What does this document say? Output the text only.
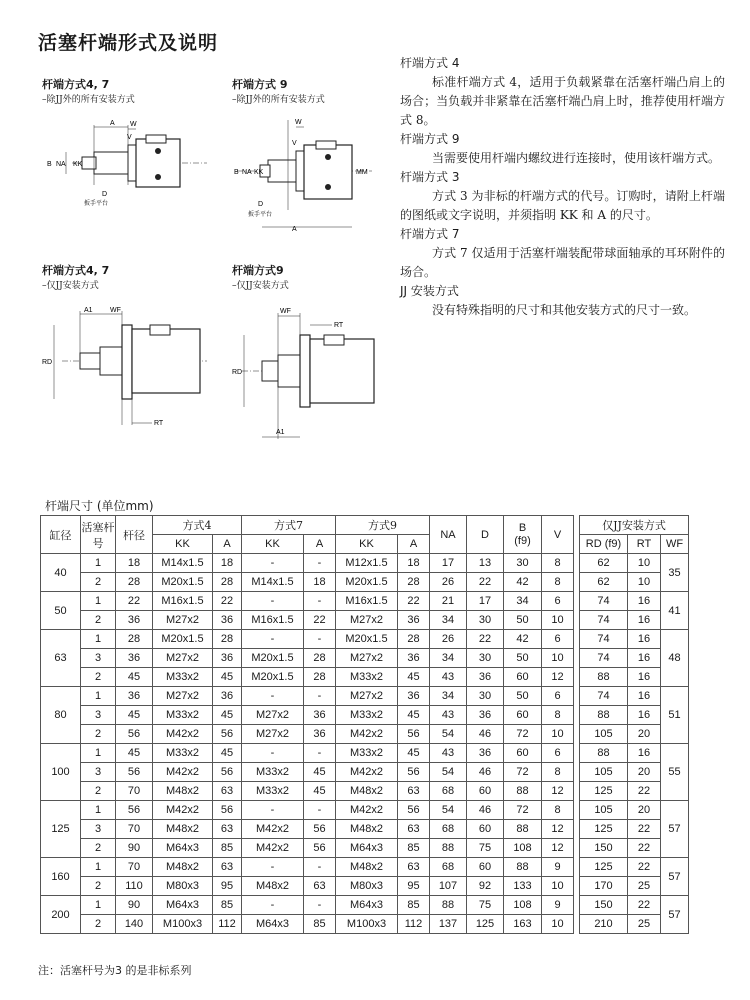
活塞杆端形式及说明
杆端方式4, 7
–除JJ外的所有安装方式
A W
V
B NA KK
D
扳手平台
杆端方式 9
–除JJ外的所有安装方式
W
V
B NA KK	MM
D
扳手平台
A
杆端方式4, 7
–仅JJ安装方式
A1 WF
RD
RT
杆端方式9
–仅JJ安装方式
WF
RT
RD
A1
杆端方式 4
标准杆端方式 4，适用于负载紧靠在活塞杆端凸肩上的场合；当负载并非紧靠在活塞杆端凸肩上时，推荐使用杆端方式 8。
杆端方式 9
当需要使用杆端内螺纹进行连接时，使用该杆端方式。
杆端方式 3
方式 3 为非标的杆端方式的代号。订购时，请附上杆端的图纸或文字说明，并须指明 KK 和 A 的尺寸。
杆端方式 7
方式 7 仅适用于活塞杆端装配带球面轴承的耳环附件的场合。
JJ 安装方式
没有特殊指明的尺寸和其他安装方式的尺寸一致。
杆端尺寸 (单位mm)
缸径	活塞杆号	杆径	方式4		方式7		方式9		NA	D	B
(f9)	V		仅JJ安装方式		
			KK	A	KK	A	KK	A						RD (f9)	RT	WF
40	1	18	M14x1.5	18	-	-	M12x1.5	18	17	13	30	8		62	10	35
	2	28	M20x1.5	28	M14x1.5	18	M20x1.5	28	26	22	42	8		62	10	
50	1	22	M16x1.5	22	-	-	M16x1.5	22	21	17	34	6		74	16	41
	2	36	M27x2	36	M16x1.5	22	M27x2	36	34	30	50	10		74	16	
63	1	28	M20x1.5	28	-	-	M20x1.5	28	26	22	42	6		74	16	48
	3	36	M27x2	36	M20x1.5	28	M27x2	36	34	30	50	10		74	16	
	2	45	M33x2	45	M20x1.5	28	M33x2	45	43	36	60	12		88	16	
80	1	36	M27x2	36	-	-	M27x2	36	34	30	50	6		74	16	51
	3	45	M33x2	45	M27x2	36	M33x2	45	43	36	60	8		88	16	
	2	56	M42x2	56	M27x2	36	M42x2	56	54	46	72	10		105	20	
100	1	45	M33x2	45	-	-	M33x2	45	43	36	60	6		88	16	55
	3	56	M42x2	56	M33x2	45	M42x2	56	54	46	72	8		105	20	
	2	70	M48x2	63	M33x2	45	M48x2	63	68	60	88	12		125	22	
125	1	56	M42x2	56	-	-	M42x2	56	54	46	72	8		105	20	57
	3	70	M48x2	63	M42x2	56	M48x2	63	68	60	88	12		125	22	
	2	90	M64x3	85	M42x2	56	M64x3	85	88	75	108	12		150	22	
160	1	70	M48x2	63	-	-	M48x2	63	68	60	88	9		125	22	57
	2	110	M80x3	95	M48x2	63	M80x3	95	107	92	133	10		170	25	
200	1	90	M64x3	85	-	-	M64x3	85	88	75	108	9		150	22	57
	2	140	M100x3	112	M64x3	85	M100x3	112	137	125	163	10		210	25	
注：活塞杆号为3 的是非标系列
